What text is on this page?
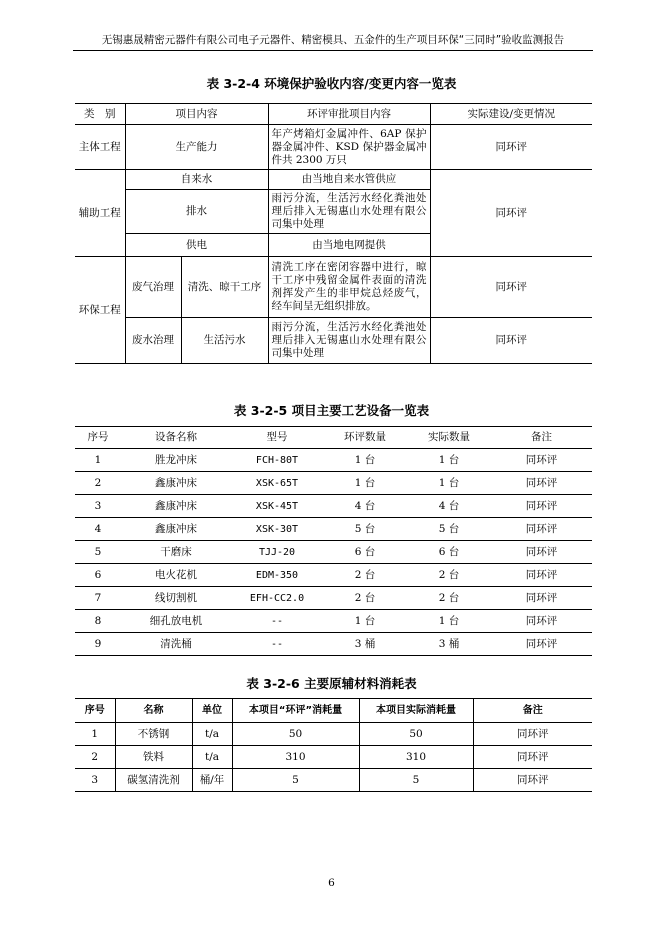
无锡惠晟精密元器件有限公司电子元器件、精密模具、五金件的生产项目环保“三同时”验收监测报告
表 3-2-4 环境保护验收内容/变更内容一览表
类　别	项目内容		环评审批项目内容	实际建设/变更情况
主体工程	生产能力		年产烤箱灯金属冲件、6AP 保护器金属冲件、KSD 保护器金属冲件共 2300 万只	同环评
辅助工程	自来水		由当地自来水管供应	同环评
	排水		雨污分流，生活污水经化粪池处理后排入无锡惠山水处理有限公司集中处理	
	供电		由当地电网提供	
环保工程	废气治理	清洗、晾干工序	清洗工序在密闭容器中进行，晾干工序中残留金属件表面的清洗剂挥发产生的非甲烷总烃废气，经车间呈无组织排放。	同环评
	废水治理	生活污水	雨污分流，生活污水经化粪池处理后排入无锡惠山水处理有限公司集中处理	同环评
表 3-2-5 项目主要工艺设备一览表
序号	设备名称	型号	环评数量	实际数量	备注
1	胜龙冲床	FCH-80T	1 台	1 台	同环评
2	鑫康冲床	XSK-65T	1 台	1 台	同环评
3	鑫康冲床	XSK-45T	4 台	4 台	同环评
4	鑫康冲床	XSK-30T	5 台	5 台	同环评
5	干磨床	TJJ-20	6 台	6 台	同环评
6	电火花机	EDM-350	2 台	2 台	同环评
7	线切割机	EFH-CC2.0	2 台	2 台	同环评
8	细孔放电机	--	1 台	1 台	同环评
9	清洗桶	--	3 桶	3 桶	同环评
表 3-2-6 主要原辅材料消耗表
序号	名称	单位	本项目“环评”消耗量	本项目实际消耗量	备注
1	不锈钢	t/a	50	50	同环评
2	铁料	t/a	310	310	同环评
3	碳氢清洗剂	桶/年	5	5	同环评
6
